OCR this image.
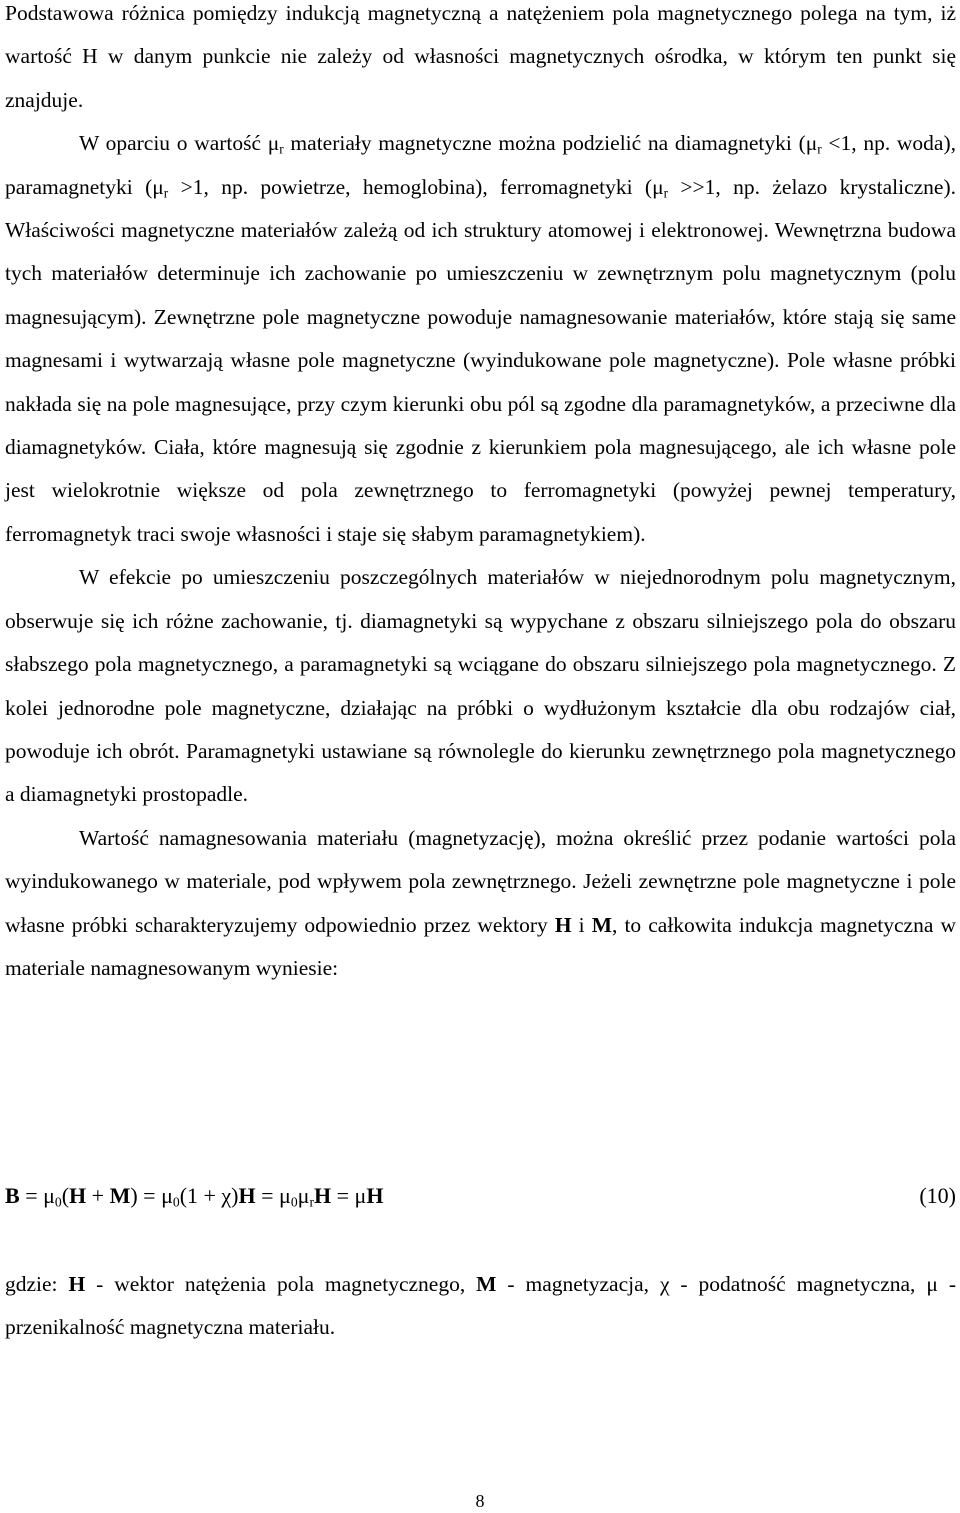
Podstawowa różnica pomiędzy indukcją magnetyczną a natężeniem pola magnetycznego polega na tym, iż wartość H w danym punkcie nie zależy od własności magnetycznych ośrodka, w którym ten punkt się znajduje.

W oparciu o wartość $\mu_r$ materiały magnetyczne można podzielić na diamagnetyki ($\mu_r <1$, np. woda), paramagnetyki ($\mu_r >1$, np. powietrze, hemoglobina), ferromagnetyki ($\mu_r >>1$, np. żelazo krystaliczne). Właściwości magnetyczne materiałów zależą od ich struktury atomowej i elektronowej. Wewnętrzna budowa tych materiałów determinuje ich zachowanie po umieszczeniu w zewnętrznym polu magnetycznym (polu magnesującym). Zewnętrzne pole magnetyczne powoduje namagnesowanie materiałów, które stają się same magnesami i wytwarzają własne pole magnetyczne (wyindukowane pole magnetyczne). Pole własne próbki nakłada się na pole magnesujące, przy czym kierunki obu pól są zgodne dla paramagnetyków, a przeciwne dla diamagnetyków. Ciała, które magnesują się zgodnie z kierunkiem pola magnesującego, ale ich własne pole jest wielokrotnie większe od pola zewnętrznego to ferromagnetyki (powyżej pewnej temperatury, ferromagnetyk traci swoje własności i staje się słabym paramagnetykiem).

W efekcie po umieszczeniu poszczególnych materiałów w niejednorodnym polu magnetycznym, obserwuje się ich różne zachowanie, tj. diamagnetyki są wypychane z obszaru silniejszego pola do obszaru słabszego pola magnetycznego, a paramagnetyki są wciągane do obszaru silniejszego pola magnetycznego. Z kolei jednorodne pole magnetyczne, działając na próbki o wydłużonym kształcie dla obu rodzajów ciał, powoduje ich obrót. Paramagnetyki ustawiane są równolegle do kierunku zewnętrznego pola magnetycznego a diamagnetyki prostopadle.

Wartość namagnesowania materiału (magnetyzację), można określić przez podanie wartości pola wyindukowanego w materiale, pod wpływem pola zewnętrznego. Jeżeli zewnętrzne pole magnetyczne i pole własne próbki scharakteryzujemy odpowiednio przez wektory H i M, to całkowita indukcja magnetyczna w materiale namagnesowanym wyniesie:

$B = \mu_0(H + M) = \mu_0(1 + \chi)H = \mu_0\mu_rH = \mu H$	(10)

gdzie: H - wektor natężenia pola magnetycznego, M - magnetyzacja, χ - podatność magnetyczna, μ - przenikalność magnetyczna materiału.

8
